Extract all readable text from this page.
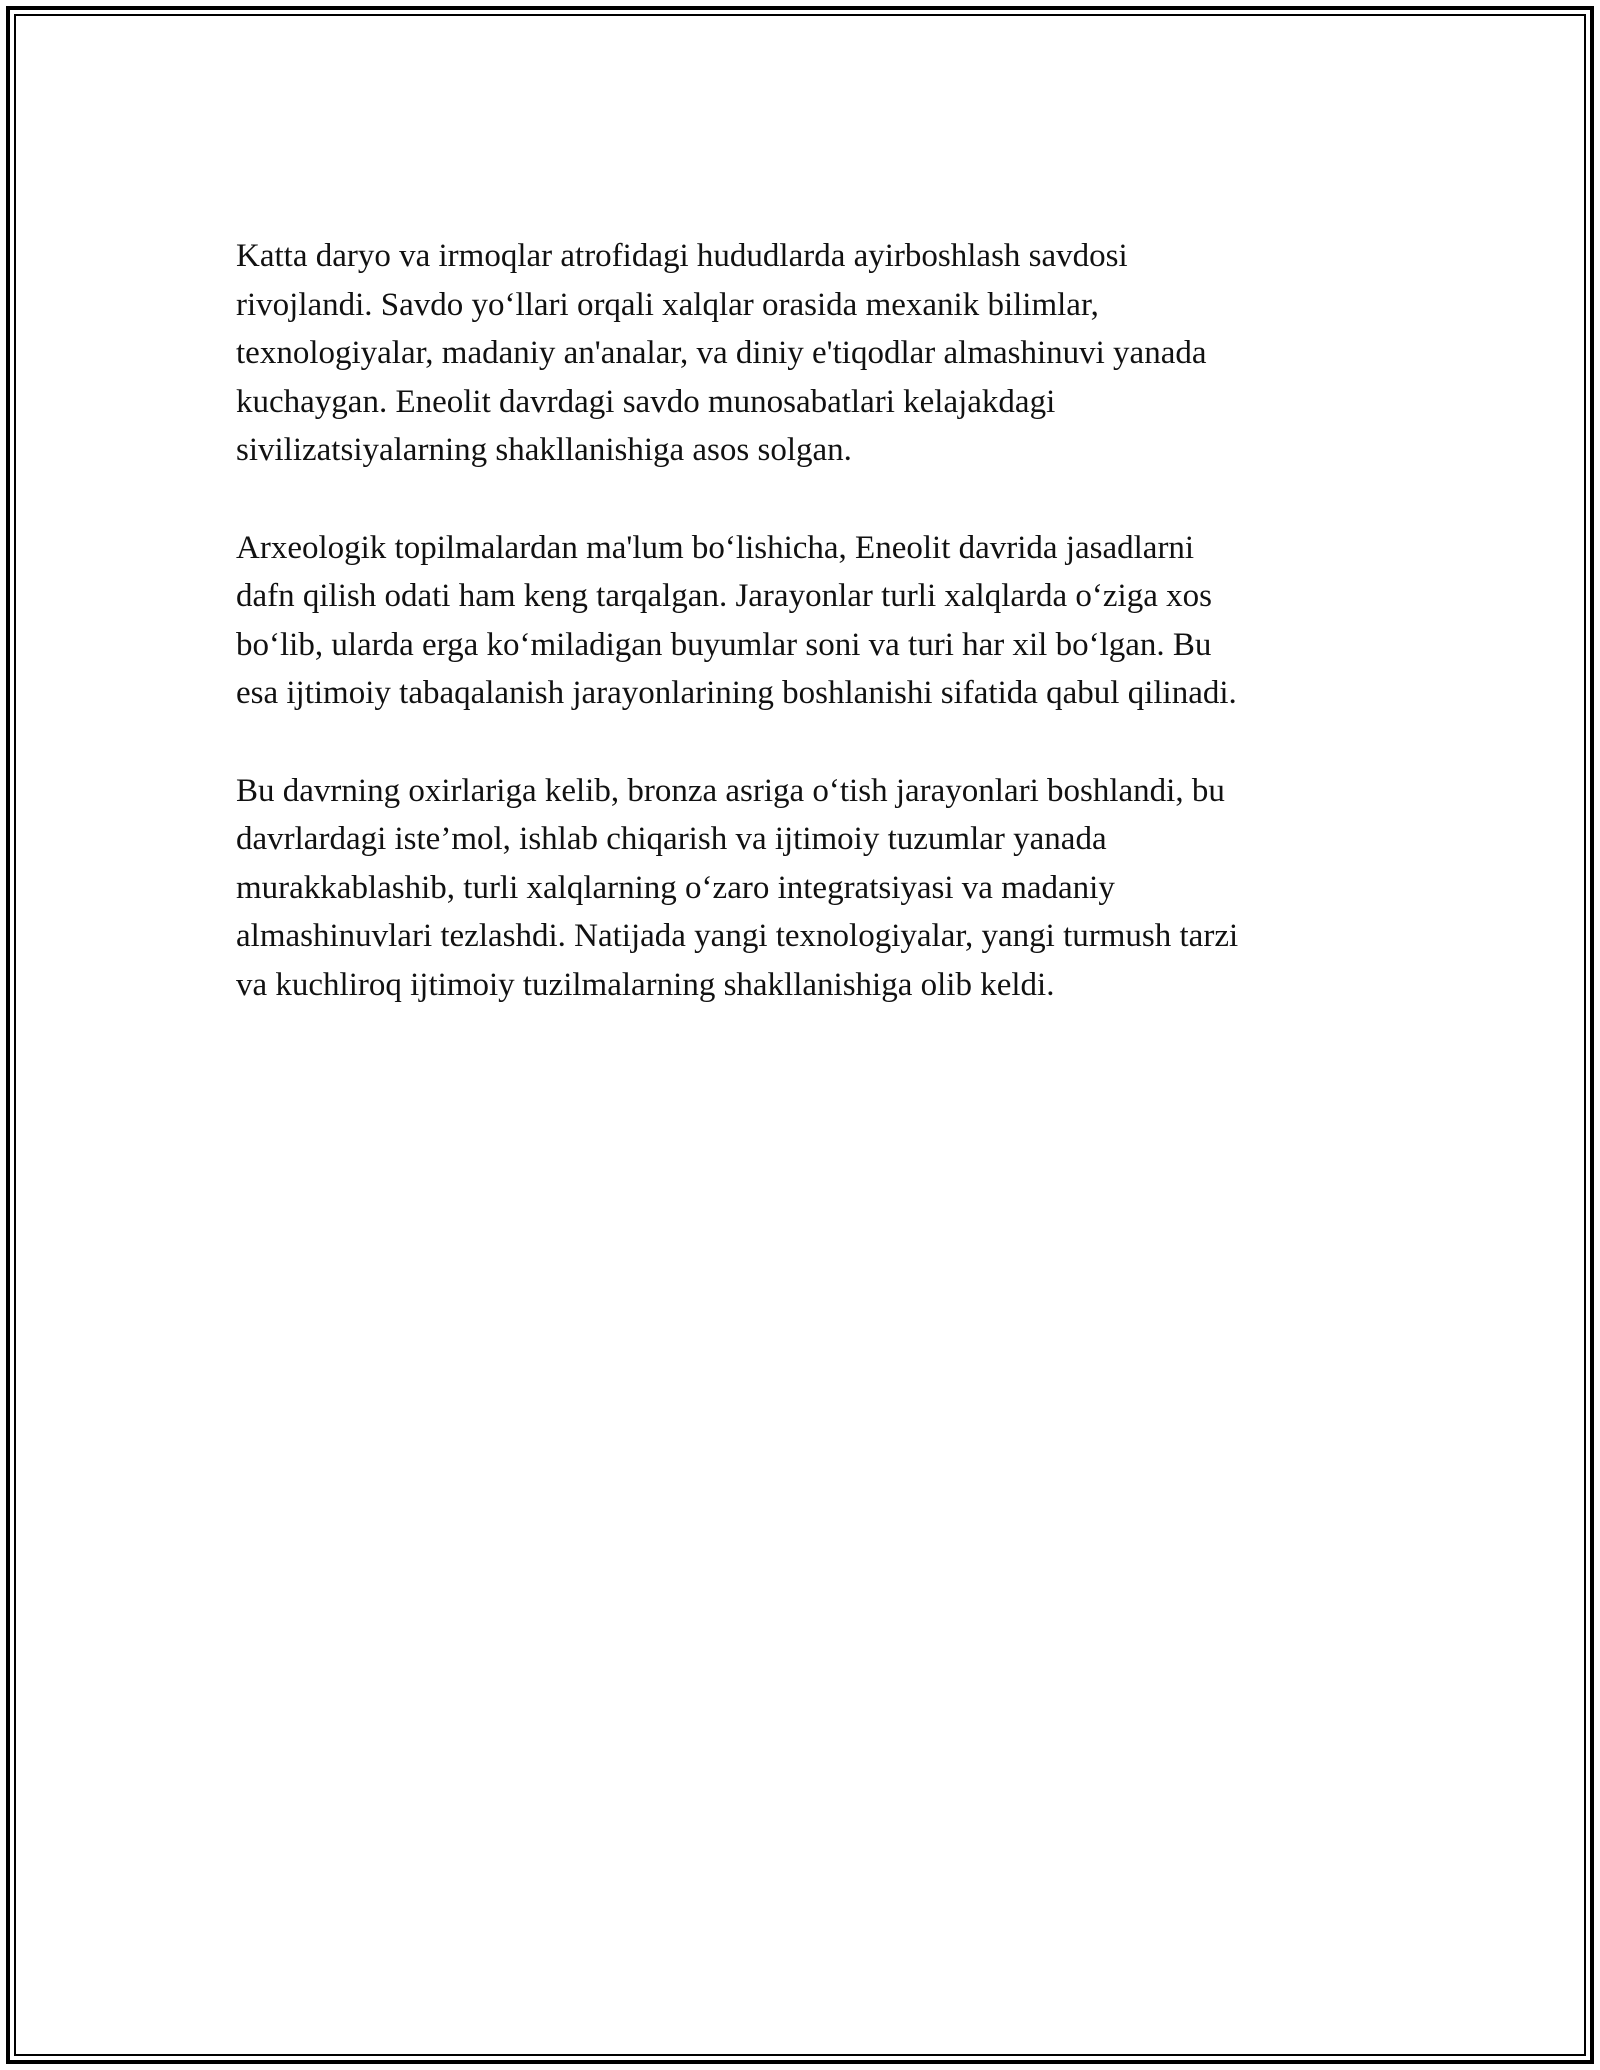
Katta daryo va irmoqlar atrofidagi hududlarda ayirboshlash savdosi
rivojlandi. Savdo yo‘llari orqali xalqlar orasida mexanik bilimlar,
texnologiyalar, madaniy an'analar, va diniy e'tiqodlar almashinuvi yanada
kuchaygan. Eneolit davrdagi savdo munosabatlari kelajakdagi
sivilizatsiyalarning shakllanishiga asos solgan.

Arxeologik topilmalardan ma'lum bo‘lishicha, Eneolit davrida jasadlarni
dafn qilish odati ham keng tarqalgan. Jarayonlar turli xalqlarda o‘ziga xos
bo‘lib, ularda erga ko‘miladigan buyumlar soni va turi har xil bo‘lgan. Bu
esa ijtimoiy tabaqalanish jarayonlarining boshlanishi sifatida qabul qilinadi.

Bu davrning oxirlariga kelib, bronza asriga o‘tish jarayonlari boshlandi, bu
davrlardagi iste’mol, ishlab chiqarish va ijtimoiy tuzumlar yanada
murakkablashib, turli xalqlarning o‘zaro integratsiyasi va madaniy
almashinuvlari tezlashdi. Natijada yangi texnologiyalar, yangi turmush tarzi
va kuchliroq ijtimoiy tuzilmalarning shakllanishiga olib keldi.
